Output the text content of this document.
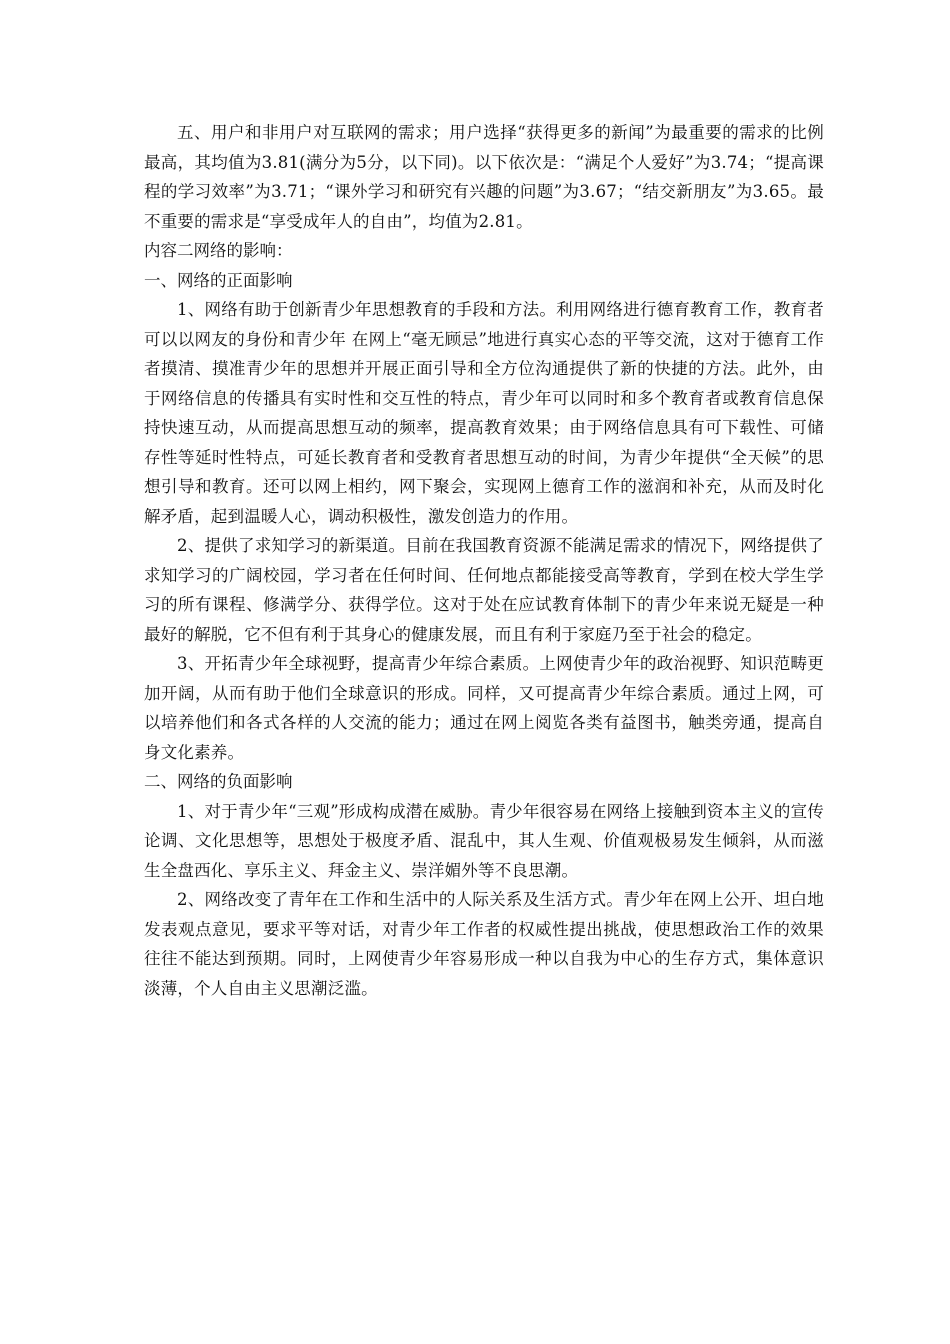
五、用户和非用户对互联网的需求；用户选择“获得更多的新闻”为最重要的需求的比例最高，其均值为3.81(满分为5分，以下同)。以下依次是：“满足个人爱好”为3.74；“提高课程的学习效率”为3.71；“课外学习和研究有兴趣的问题”为3.67；“结交新朋友”为3.65。最不重要的需求是“享受成年人的自由”，均值为2.81。

内容二网络的影响：

一、网络的正面影响

1、网络有助于创新青少年思想教育的手段和方法。利用网络进行德育教育工作，教育者可以以网友的身份和青少年 在网上“毫无顾忌”地进行真实心态的平等交流，这对于德育工作者摸清、摸准青少年的思想并开展正面引导和全方位沟通提供了新的快捷的方法。此外，由于网络信息的传播具有实时性和交互性的特点，青少年可以同时和多个教育者或教育信息保持快速互动，从而提高思想互动的频率，提高教育效果；由于网络信息具有可下载性、可储存性等延时性特点，可延长教育者和受教育者思想互动的时间，为青少年提供“全天候”的思想引导和教育。还可以网上相约，网下聚会，实现网上德育工作的滋润和补充，从而及时化解矛盾，起到温暖人心，调动积极性，激发创造力的作用。

2、提供了求知学习的新渠道。目前在我国教育资源不能满足需求的情况下，网络提供了求知学习的广阔校园，学习者在任何时间、任何地点都能接受高等教育，学到在校大学生学习的所有课程、修满学分、获得学位。这对于处在应试教育体制下的青少年来说无疑是一种最好的解脱，它不但有利于其身心的健康发展，而且有利于家庭乃至于社会的稳定。

3、开拓青少年全球视野，提高青少年综合素质。上网使青少年的政治视野、知识范畴更加开阔，从而有助于他们全球意识的形成。同样，又可提高青少年综合素质。通过上网，可以培养他们和各式各样的人交流的能力；通过在网上阅览各类有益图书，触类旁通，提高自身文化素养。

二、网络的负面影响

1、对于青少年“三观”形成构成潜在威胁。青少年很容易在网络上接触到资本主义的宣传论调、文化思想等，思想处于极度矛盾、混乱中，其人生观、价值观极易发生倾斜，从而滋生全盘西化、享乐主义、拜金主义、崇洋媚外等不良思潮。

2、网络改变了青年在工作和生活中的人际关系及生活方式。青少年在网上公开、坦白地发表观点意见，要求平等对话，对青少年工作者的权威性提出挑战，使思想政治工作的效果往往不能达到预期。同时，上网使青少年容易形成一种以自我为中心的生存方式，集体意识淡薄，个人自由主义思潮泛滥。
